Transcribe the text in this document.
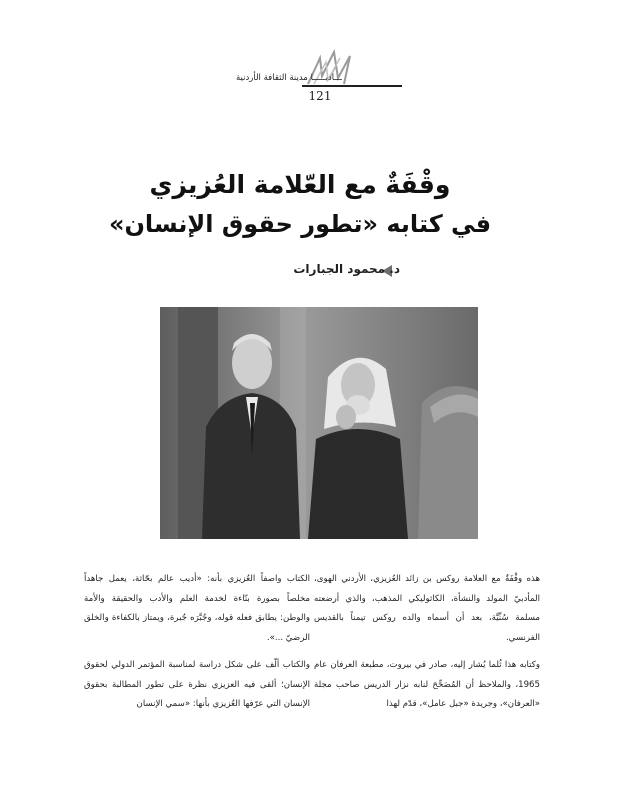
ـــادبـــــا مدينة الثقافة الأردنية
121
وقْفَةٌ مع العّلامة العُزيزي
في كتابه «تطور حقوق الإنسان»
د. محمود الجبارات

هذه وقْفَةٌ مع العلامة روكس بن زائد العُزيزي، الأردني الهوى، المأدبيّ المولد والنشأة، الكاثوليكي المذهب، والذي أرضعته مسلمة سُنِّيَّة، بعد أن أسماه والده روكس تيمناً بالقديس الفرنسي.

وكتابه هذا ثُلما يُشار إليه، صادر في بيروت، مطبعة العرفان عام 1965، والملاحظ أن المُصَحِّحَ لنابه نزار الدريس صاحب مجلة «العرفان»، وجريدة «جبل عامل»، قدّم لهذا

الكتاب واصفاً العُزيزي بأنه: «أديب عالم بحّاثة، يعمل جاهداً مخلصاً بصورة بنّاءة لخدمة العلم والأدب والحقيقة والأمة والوطن: يطابق فعله قوله، وجُبَّرَه جُبرة، ويمتاز بالكفاءة والخلق الرضيّ ...».

والكتاب ألّف على شكل دراسة لمناسبة المؤتمر الدولي لحقوق الإنسان؛ ألقى فيه العزيزي نظرة على تطور المطالبة بحقوق الإنسان التي عرّفها العُزيزي بأنها: «سمي الإنسان
